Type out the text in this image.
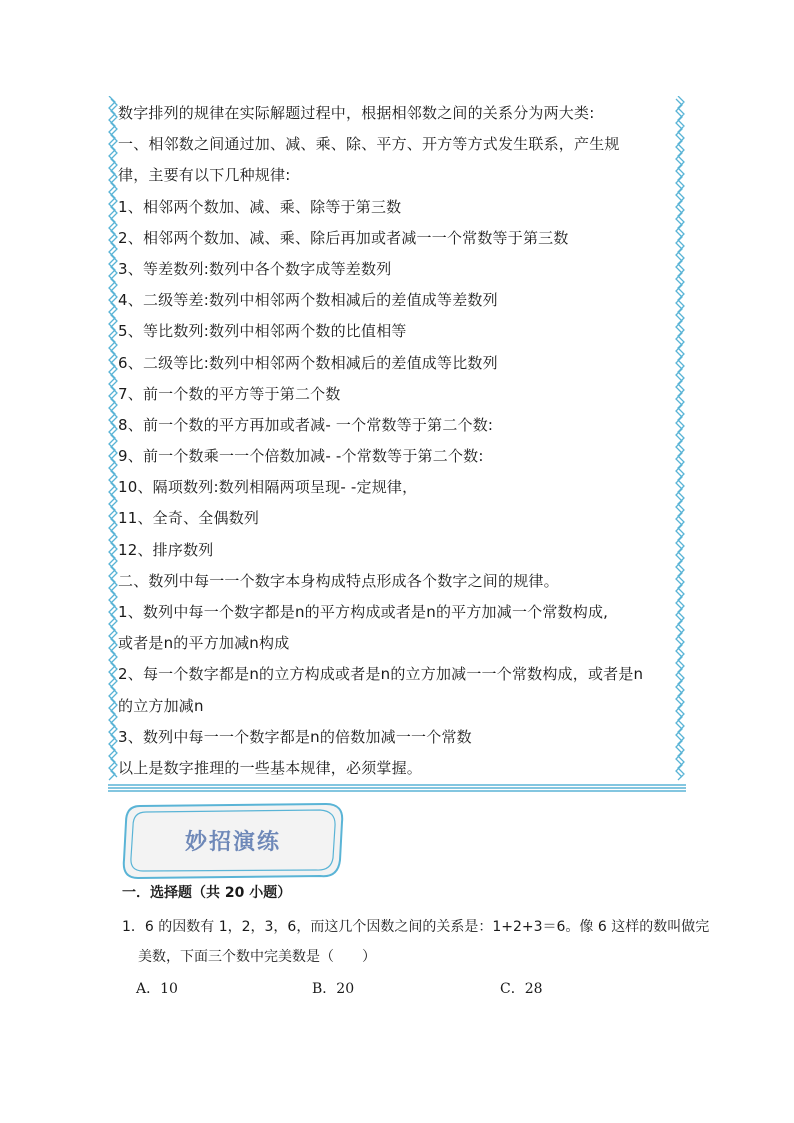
数字排列的规律在实际解题过程中，根据相邻数之间的关系分为两大类:
一、相邻数之间通过加、减、乘、除、平方、开方等方式发生联系，产生规
律，主要有以下几种规律:
1、相邻两个数加、减、乘、除等于第三数
2、相邻两个数加、减、乘、除后再加或者减一一个常数等于第三数
3、等差数列:数列中各个数字成等差数列
4、二级等差:数列中相邻两个数相减后的差值成等差数列
5、等比数列:数列中相邻两个数的比值相等
6、二级等比:数列中相邻两个数相减后的差值成等比数列
7、前一个数的平方等于第二个数
8、前一个数的平方再加或者减- 一个常数等于第二个数:
9、前一个数乘一一个倍数加减- -个常数等于第二个数:
10、隔项数列:数列相隔两项呈现- -定规律，
11、全奇、全偶数列
12、排序数列
二、数列中每一一个数字本身构成特点形成各个数字之间的规律。
1、数列中每一个数字都是n的平方构成或者是n的平方加减一个常数构成,
或者是n的平方加减n构成
2、每一个数字都是n的立方构成或者是n的立方加减一一个常数构成，或者是n
的立方加减n
3、数列中每一一个数字都是n的倍数加减一一个常数
以上是数字推理的一些基本规律，必须掌握。
妙招演练
一．选择题（共 20 小题）
1．6 的因数有 1，2，3，6，而这几个因数之间的关系是：1+2+3＝6。像 6 这样的数叫做完
美数，下面三个数中完美数是（　　）
A．10	B．20	C．28
